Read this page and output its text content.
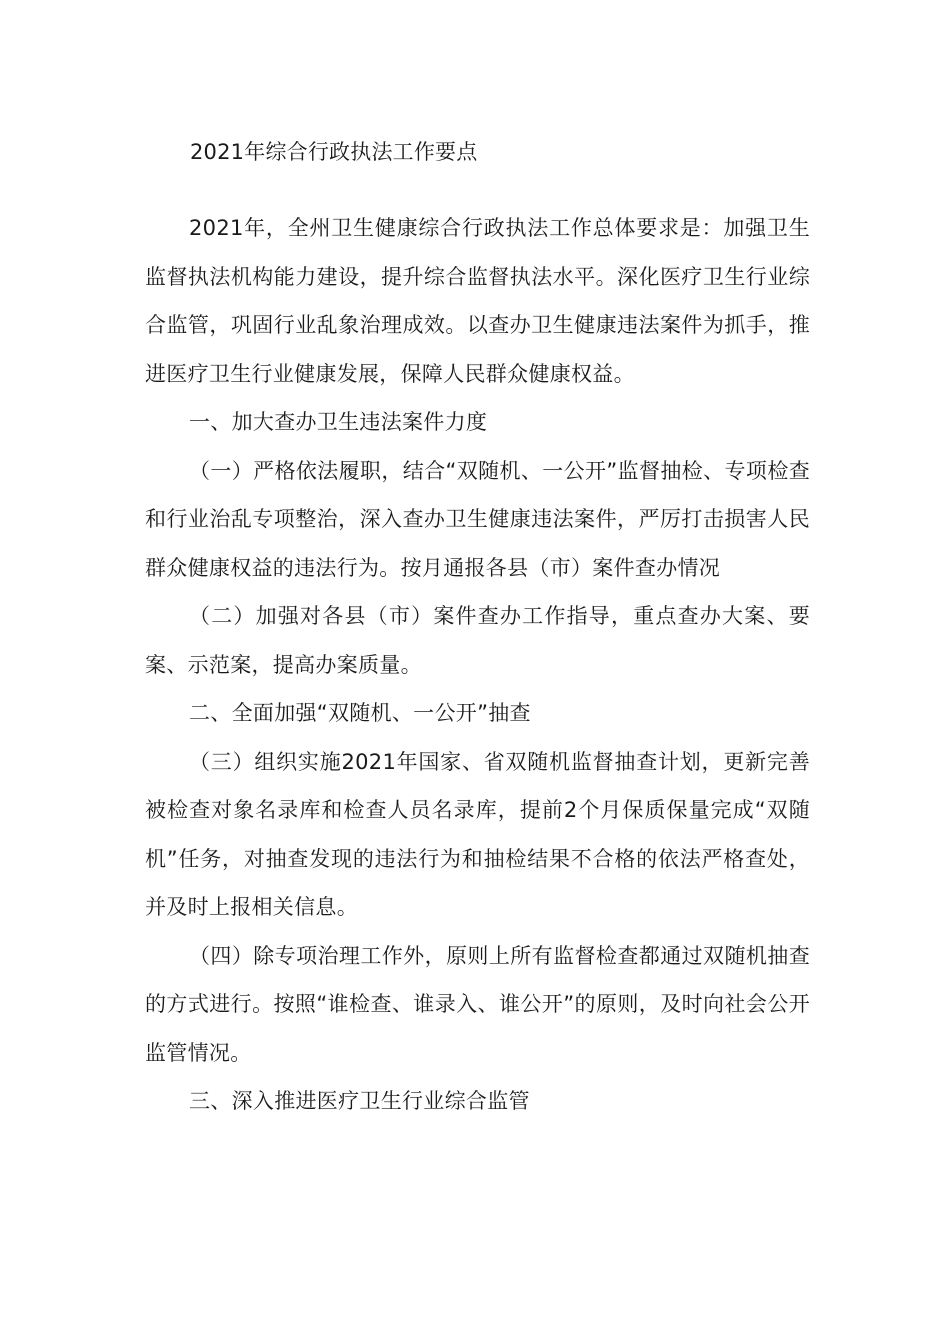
2021年综合行政执法工作要点

2021年，全州卫生健康综合行政执法工作总体要求是：加强卫生监督执法机构能力建设，提升综合监督执法水平。深化医疗卫生行业综合监管，巩固行业乱象治理成效。以查办卫生健康违法案件为抓手，推进医疗卫生行业健康发展，保障人民群众健康权益。

一、加大查办卫生违法案件力度

（一）严格依法履职，结合“双随机、一公开”监督抽检、专项检查和行业治乱专项整治，深入查办卫生健康违法案件，严厉打击损害人民群众健康权益的违法行为。按月通报各县（市）案件查办情况

（二）加强对各县（市）案件查办工作指导，重点查办大案、要案、示范案，提高办案质量。

二、全面加强“双随机、一公开”抽查

（三）组织实施2021年国家、省双随机监督抽查计划，更新完善被检查对象名录库和检查人员名录库，提前2个月保质保量完成“双随机”任务，对抽查发现的违法行为和抽检结果不合格的依法严格查处，并及时上报相关信息。

（四）除专项治理工作外，原则上所有监督检查都通过双随机抽查的方式进行。按照“谁检查、谁录入、谁公开”的原则，及时向社会公开监管情况。

三、深入推进医疗卫生行业综合监管
